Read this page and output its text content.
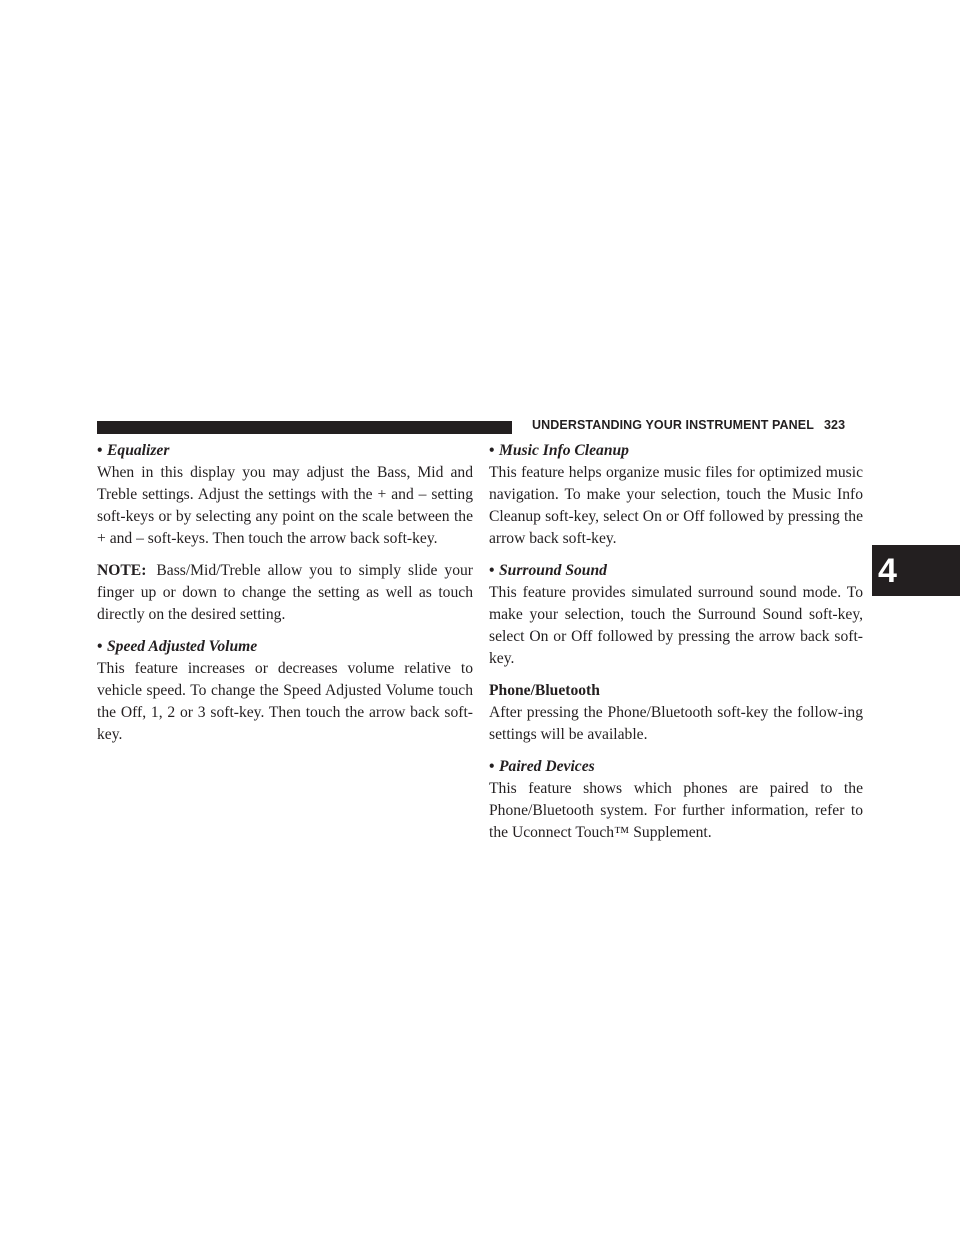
UNDERSTANDING YOUR INSTRUMENT PANEL 323
4

• Equalizer

When in this display you may adjust the Bass, Mid and Treble settings. Adjust the settings with the + and – setting soft-keys or by selecting any point on the scale between the + and – soft-keys. Then touch the arrow back soft-key.

NOTE: Bass/Mid/Treble allow you to simply slide your finger up or down to change the setting as well as touch directly on the desired setting.

• Speed Adjusted Volume

This feature increases or decreases volume relative to vehicle speed. To change the Speed Adjusted Volume touch the Off, 1, 2 or 3 soft-key. Then touch the arrow back soft-key.

• Music Info Cleanup

This feature helps organize music files for optimized music navigation. To make your selection, touch the Music Info Cleanup soft-key, select On or Off followed by pressing the arrow back soft-key.

• Surround Sound

This feature provides simulated surround sound mode. To make your selection, touch the Surround Sound soft-key, select On or Off followed by pressing the arrow back soft-key.

Phone/Bluetooth

After pressing the Phone/Bluetooth soft-key the follow-ing settings will be available.

• Paired Devices

This feature shows which phones are paired to the Phone/Bluetooth system. For further information, refer to the Uconnect Touch™ Supplement.
